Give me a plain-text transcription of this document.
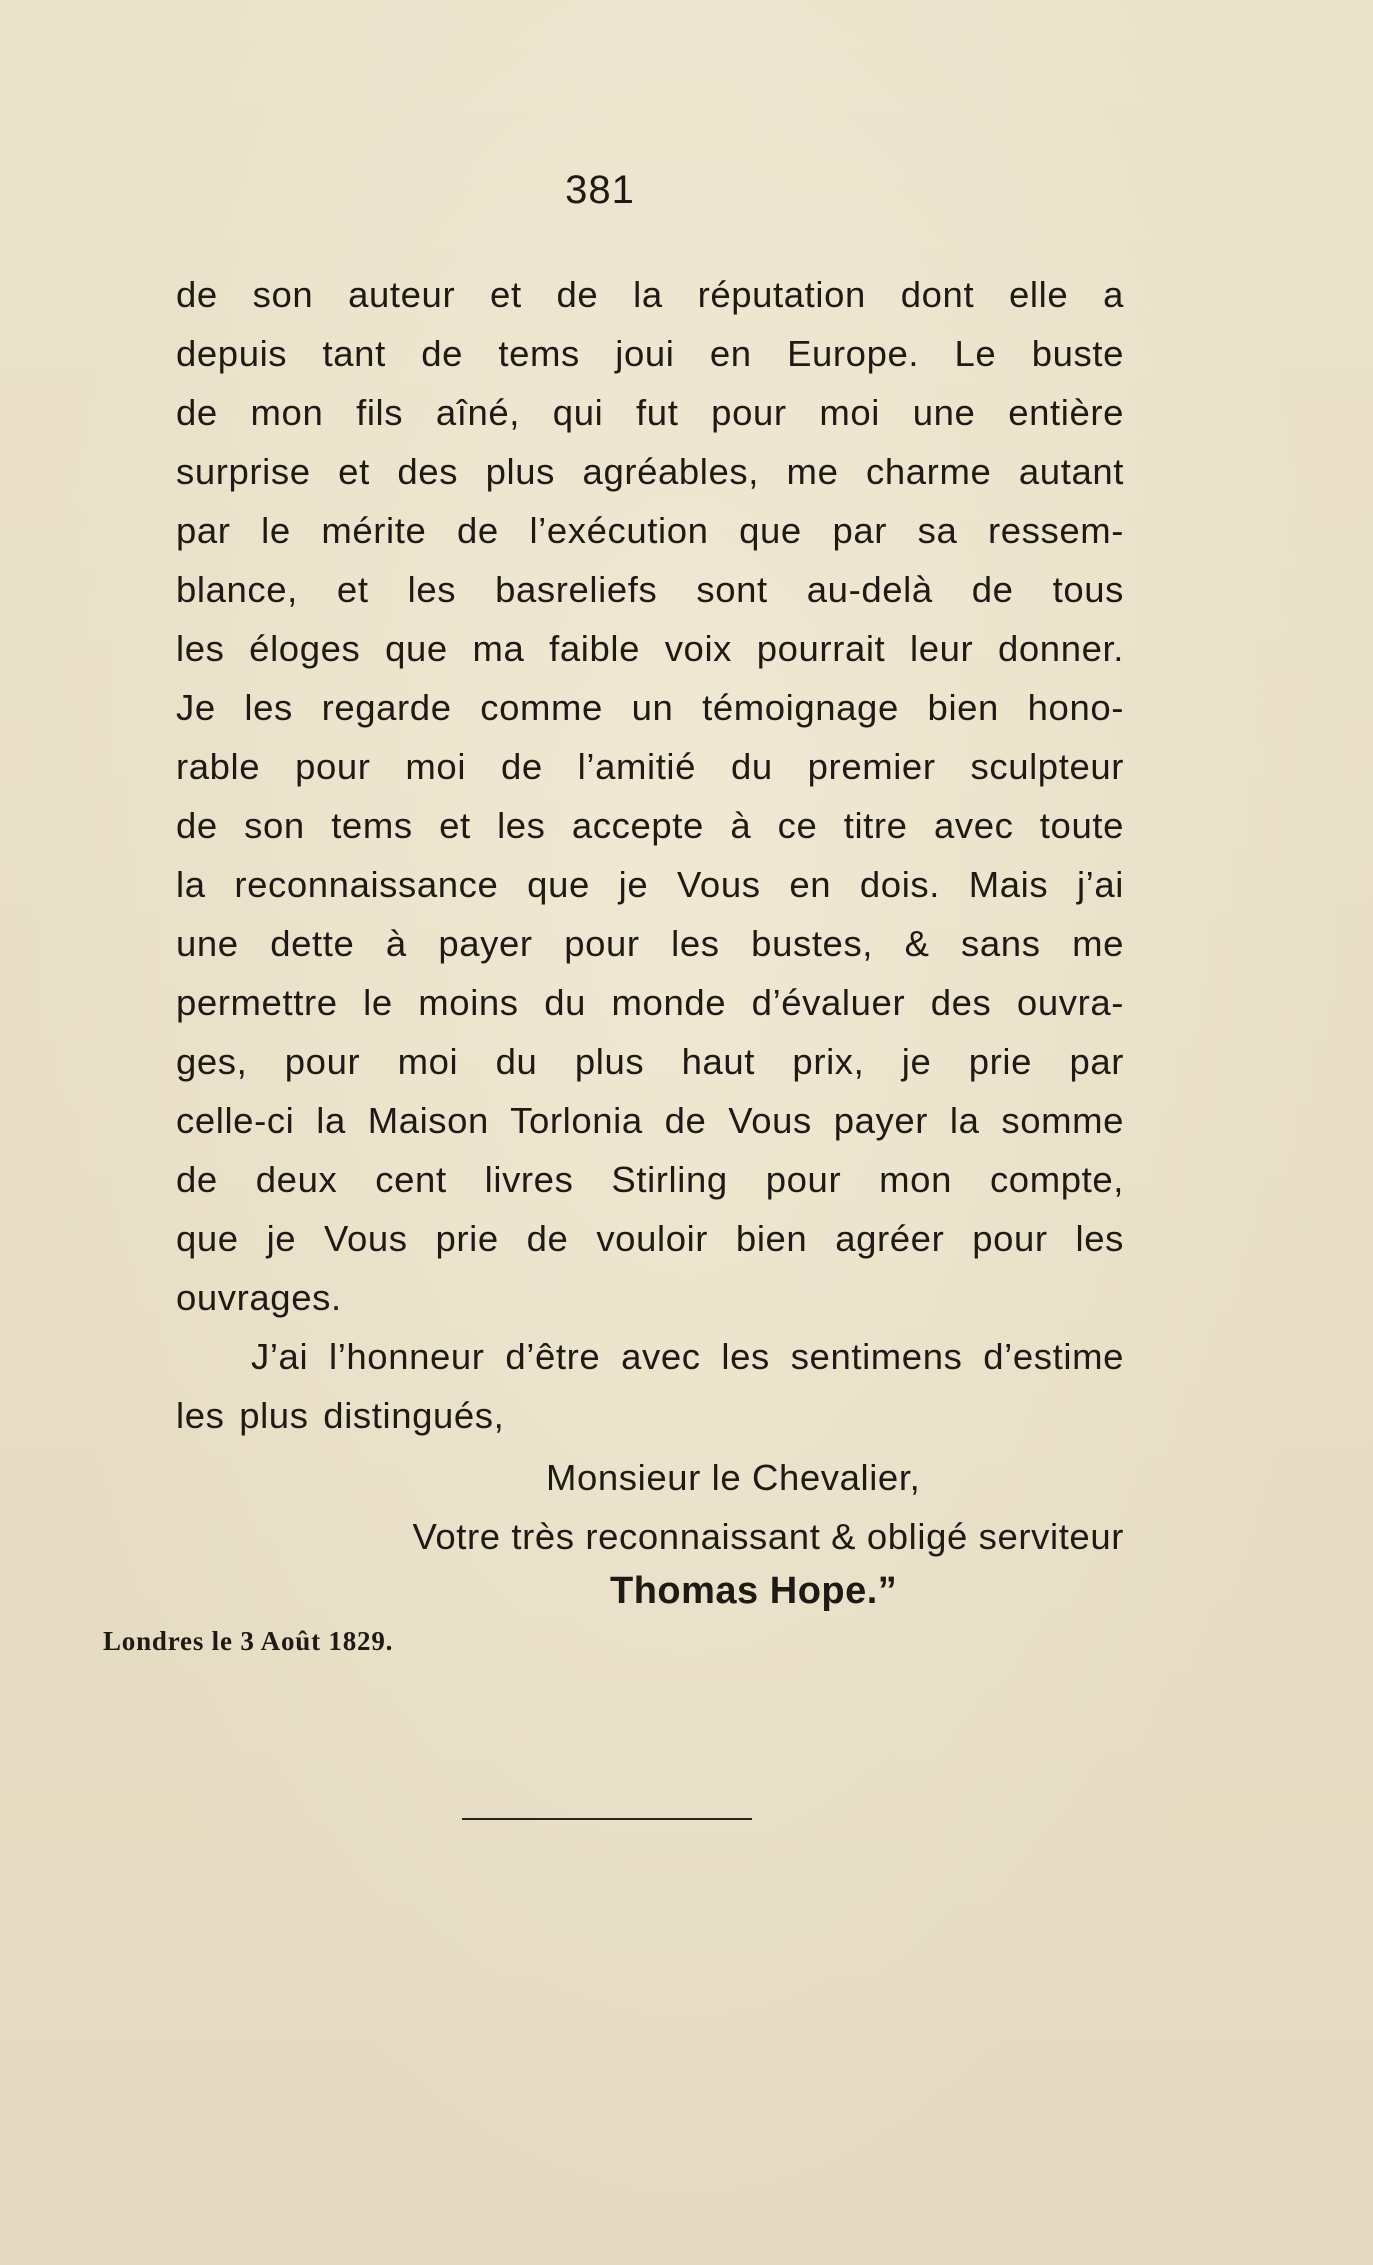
381
de son auteur et de la réputation dont elle a
depuis tant de tems joui en Europe. Le buste
de mon fils aîné, qui fut pour moi une entière
surprise et des plus agréables, me charme autant
par le mérite de l’exécution que par sa ressem-
blance, et les basreliefs sont au-delà de tous
les éloges que ma faible voix pourrait leur donner.
Je les regarde comme un témoignage bien hono-
rable pour moi de l’amitié du premier sculpteur
de son tems et les accepte à ce titre avec toute
la reconnaissance que je Vous en dois. Mais j’ai
une dette à payer pour les bustes, & sans me
permettre le moins du monde d’évaluer des ouvra-
ges, pour moi du plus haut prix, je prie par
celle-ci la Maison Torlonia de Vous payer la somme
de deux cent livres Stirling pour mon compte,
que je Vous prie de vouloir bien agréer pour les
ouvrages.
J’ai l’honneur d’être avec les sentimens d’estime
les plus distingués,
Monsieur le Chevalier,
Votre très reconnaissant & obligé serviteur
Thomas Hope.”
Londres le 3 Août 1829.
